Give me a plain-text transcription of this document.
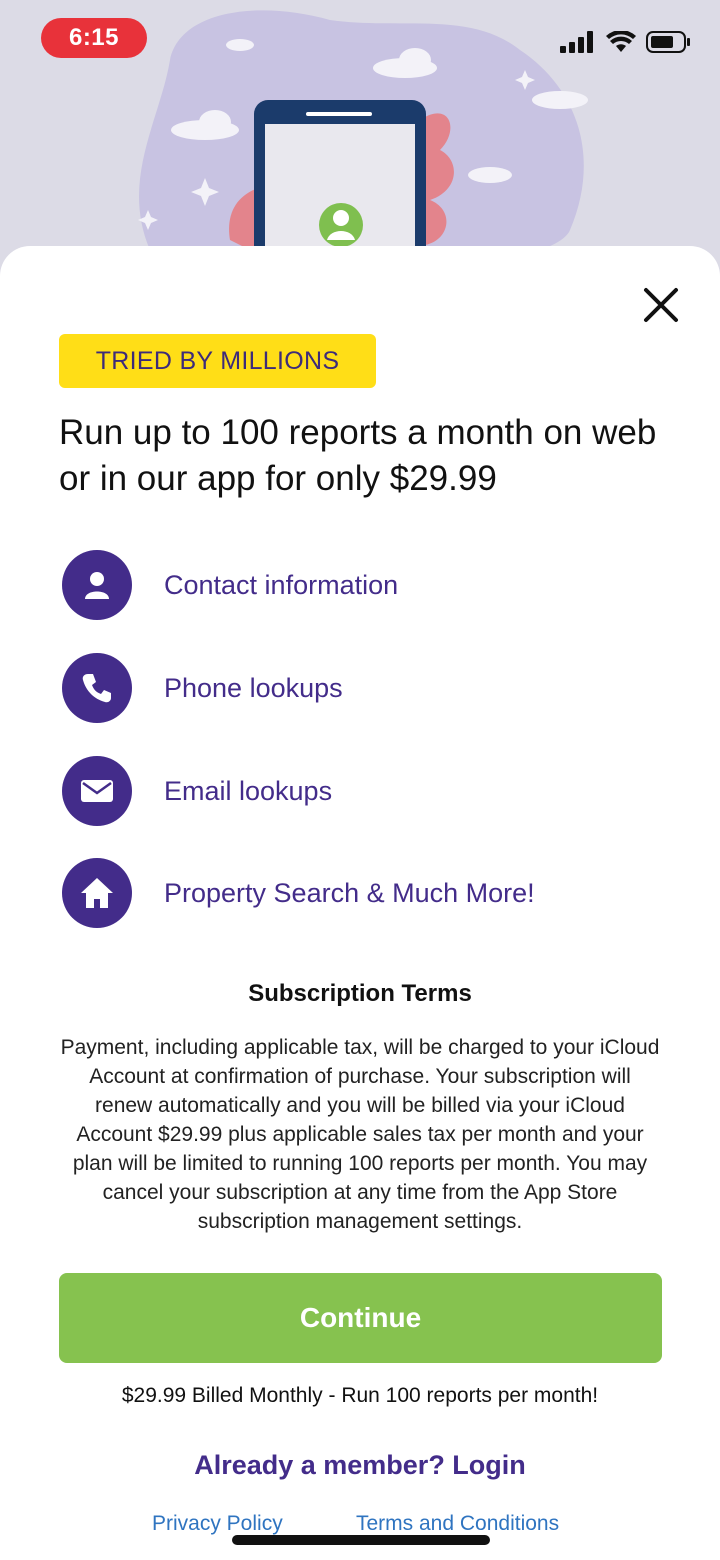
6:15
TRIED BY MILLIONS
Run up to 100 reports a month on web or in our app for only $29.99
Contact information
Phone lookups
Email lookups
Property Search & Much More!
Subscription Terms
Payment, including applicable tax, will be charged to your iCloud Account at confirmation of purchase. Your subscription will renew automatically and you will be billed via your iCloud Account $29.99 plus applicable sales tax per month and your plan will be limited to running 100 reports per month. You may cancel your subscription at any time from the App Store subscription management settings.
Continue
$29.99 Billed Monthly - Run 100 reports per month!
Already a member? Login
Privacy Policy	Terms and Conditions
